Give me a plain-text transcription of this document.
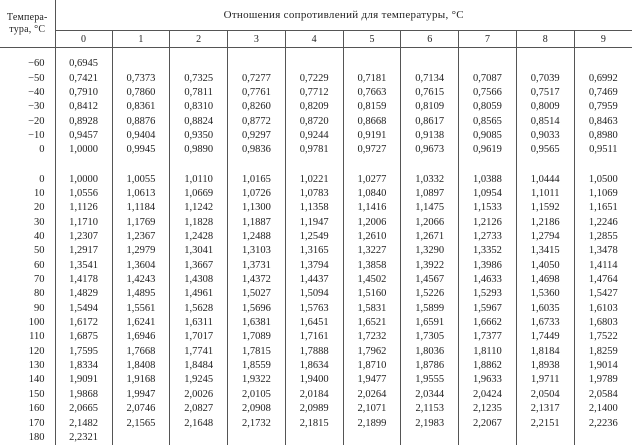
Темпера-
тура, °С	Отношения сопротивлений для температуры, °С									
	0	1	2	3	4	5	6	7	8	9

−60	0,6945									
−50	0,7421	0,7373	0,7325	0,7277	0,7229	0,7181	0,7134	0,7087	0,7039	0,6992
−40	0,7910	0,7860	0,7811	0,7761	0,7712	0,7663	0,7615	0,7566	0,7517	0,7469
−30	0,8412	0,8361	0,8310	0,8260	0,8209	0,8159	0,8109	0,8059	0,8009	0,7959
−20	0,8928	0,8876	0,8824	0,8772	0,8720	0,8668	0,8617	0,8565	0,8514	0,8463
−10	0,9457	0,9404	0,9350	0,9297	0,9244	0,9191	0,9138	0,9085	0,9033	0,8980
0	1,0000	0,9945	0,9890	0,9836	0,9781	0,9727	0,9673	0,9619	0,9565	0,9511

0	1,0000	1,0055	1,0110	1,0165	1,0221	1,0277	1,0332	1,0388	1,0444	1,0500
10	1,0556	1,0613	1,0669	1,0726	1,0783	1,0840	1,0897	1,0954	1,1011	1,1069
20	1,1126	1,1184	1,1242	1,1300	1,1358	1,1416	1,1475	1,1533	1,1592	1,1651
30	1,1710	1,1769	1,1828	1,1887	1,1947	1,2006	1,2066	1,2126	1,2186	1,2246
40	1,2307	1,2367	1,2428	1,2488	1,2549	1,2610	1,2671	1,2733	1,2794	1,2855
50	1,2917	1,2979	1,3041	1,3103	1,3165	1,3227	1,3290	1,3352	1,3415	1,3478
60	1,3541	1,3604	1,3667	1,3731	1,3794	1,3858	1,3922	1,3986	1,4050	1,4114
70	1,4178	1,4243	1,4308	1,4372	1,4437	1,4502	1,4567	1,4633	1,4698	1,4764
80	1,4829	1,4895	1,4961	1,5027	1,5094	1,5160	1,5226	1,5293	1,5360	1,5427
90	1,5494	1,5561	1,5628	1,5696	1,5763	1,5831	1,5899	1,5967	1,6035	1,6103
100	1,6172	1,6241	1,6311	1,6381	1,6451	1,6521	1,6591	1,6662	1,6733	1,6803
110	1,6875	1,6946	1,7017	1,7089	1,7161	1,7232	1,7305	1,7377	1,7449	1,7522
120	1,7595	1,7668	1,7741	1,7815	1,7888	1,7962	1,8036	1,8110	1,8184	1,8259
130	1,8334	1,8408	1,8484	1,8559	1,8634	1,8710	1,8786	1,8862	1,8938	1,9014
140	1,9091	1,9168	1,9245	1,9322	1,9400	1,9477	1,9555	1,9633	1,9711	1,9789
150	1,9868	1,9947	2,0026	2,0105	2,0184	2,0264	2,0344	2,0424	2,0504	2,0584
160	2,0665	2,0746	2,0827	2,0908	2,0989	2,1071	2,1153	2,1235	2,1317	2,1400
170	2,1482	2,1565	2,1648	2,1732	2,1815	2,1899	2,1983	2,2067	2,2151	2,2236
180	2,2321									
